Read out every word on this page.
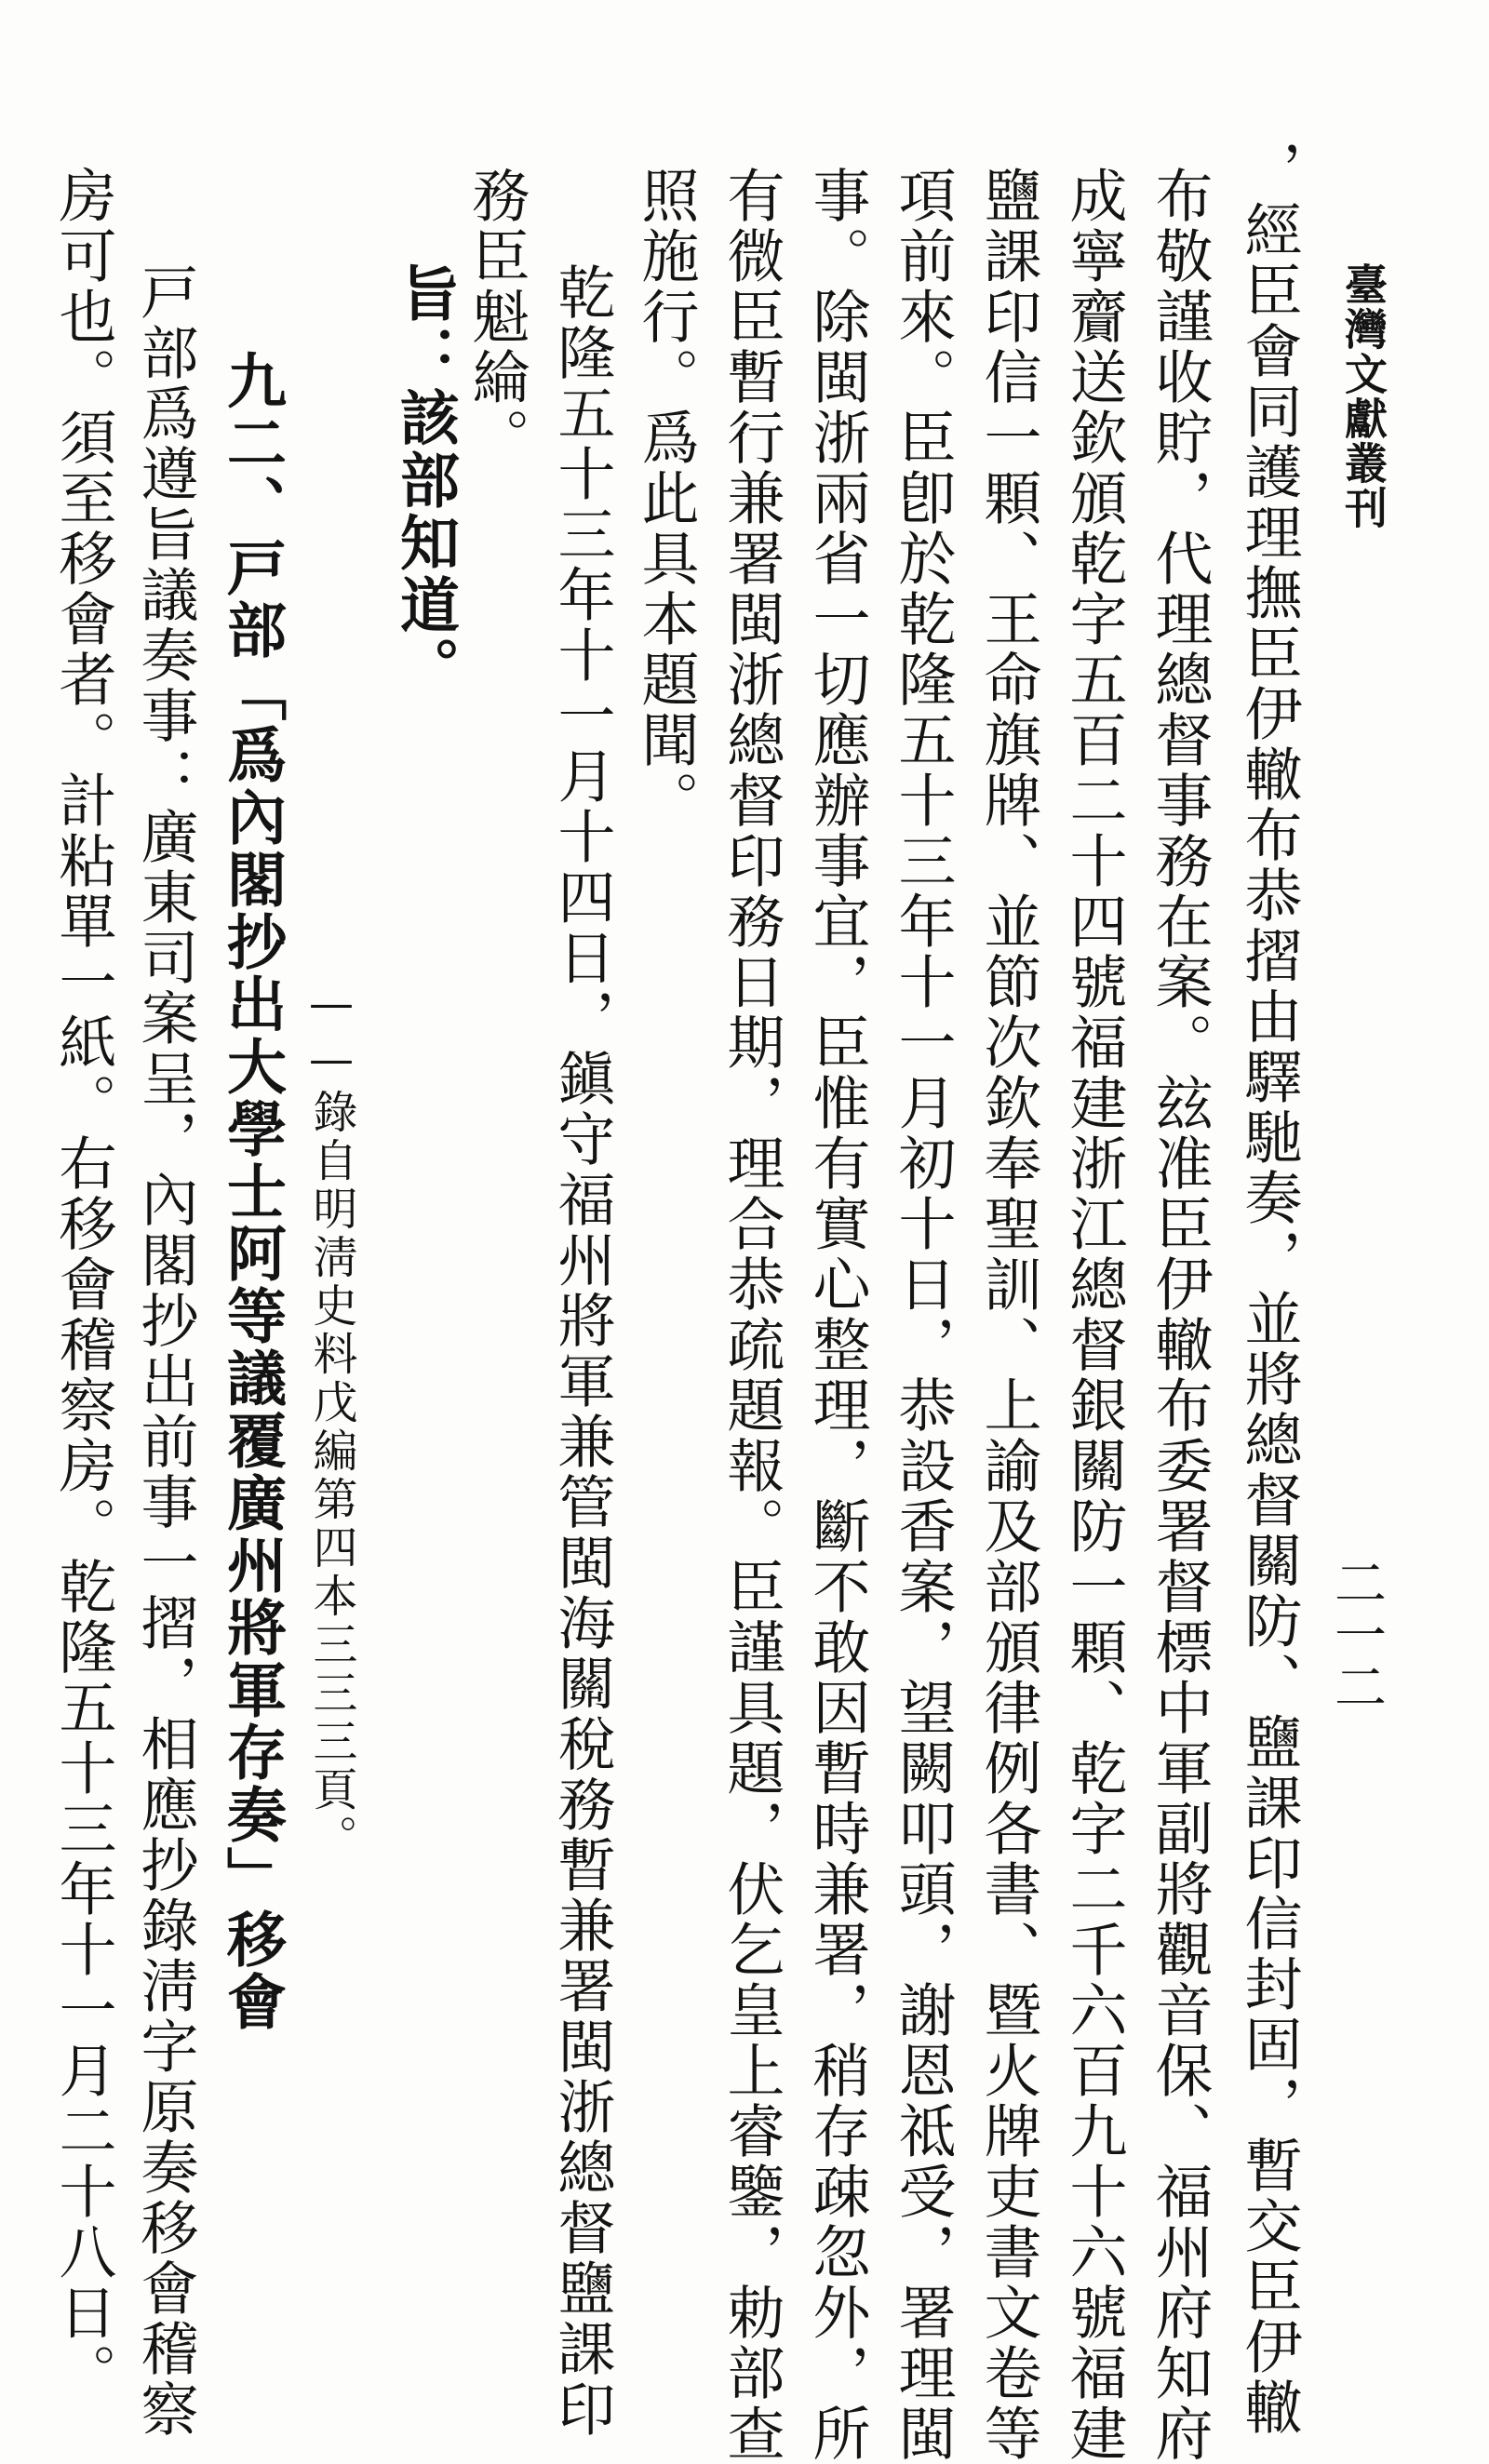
臺灣文獻叢刊
二一二
，經臣會同護理撫臣伊轍布恭摺由驛馳奏，並將總督關防、鹽課印信封固，暫交臣伊轍
布敬謹收貯，代理總督事務在案。玆准臣伊轍布委署督標中軍副將觀音保、福州府知府
成寧齎送欽頒乾字五百二十四號福建浙江總督銀關防一顆、乾字二千六百九十六號福建
鹽課印信一顆、王命旗牌、並節次欽奉聖訓、上諭及部頒律例各書、暨火牌吏書文卷等
項前來。臣卽於乾隆五十三年十一月初十日，恭設香案，望闕叩頭，謝恩祗受，署理閩
事。除閩浙兩省一切應辦事宜，臣惟有實心整理，斷不敢因暫時兼署，稍存疎忽外，所
有微臣暫行兼署閩浙總督印務日期，理合恭疏題報。臣謹具題，伏乞皇上睿鑒，勅部查
照施行。爲此具本題聞。
乾隆五十三年十一月十四日，鎭守福州將軍兼管閩海關稅務暫兼署閩浙總督鹽課印
務臣魁綸。
旨：該部知道。
——錄自明淸史料戊編第四本三三三頁。
九二、戸部「爲內閣抄出大學士阿等議覆廣州將軍存奏」移會
戸部爲遵旨議奏事：廣東司案呈，內閣抄出前事一摺，相應抄錄淸字原奏移會稽察
房可也。須至移會者。計粘單一紙。右移會稽察房。乾隆五十三年十一月二十八日。
